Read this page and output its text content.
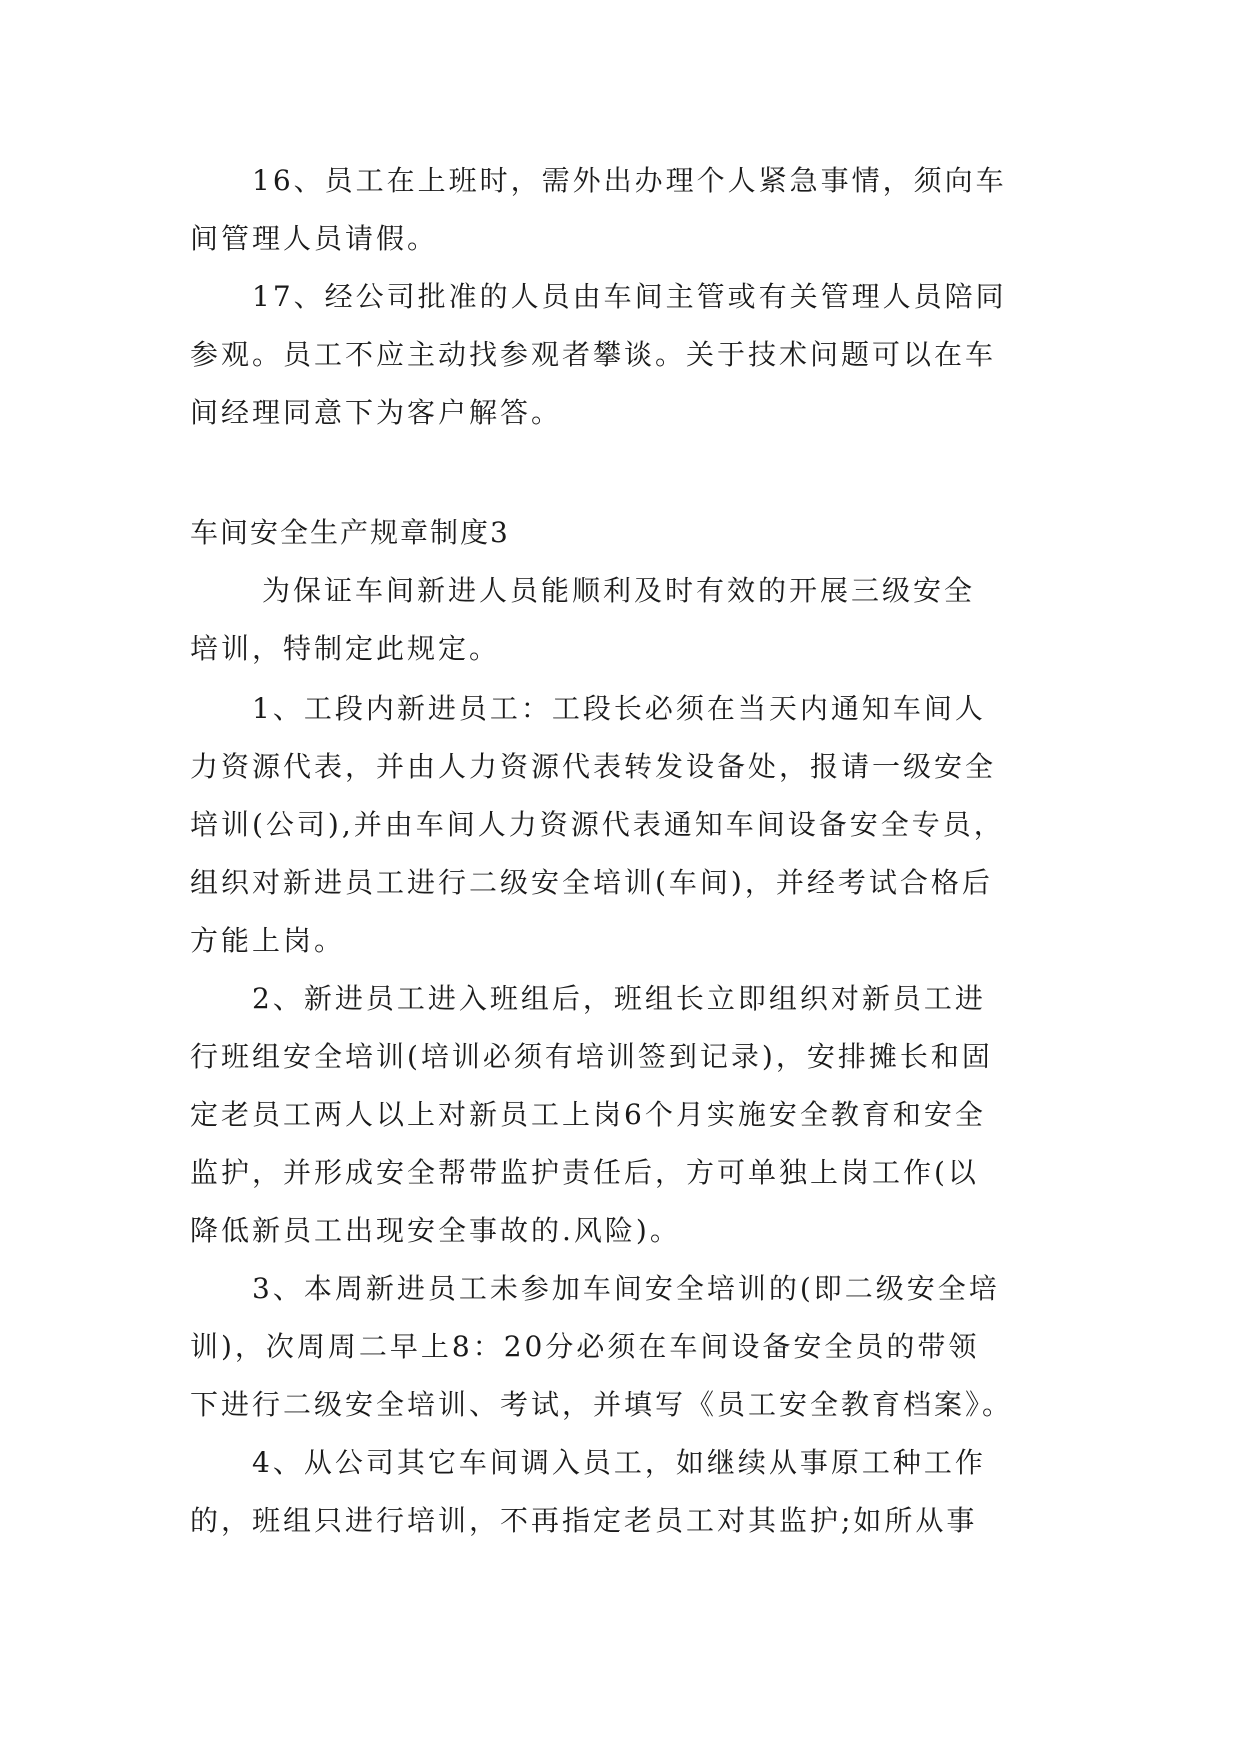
16、员工在上班时，需外出办理个人紧急事情，须向车
间管理人员请假。
17、经公司批准的人员由车间主管或有关管理人员陪同
参观。员工不应主动找参观者攀谈。关于技术问题可以在车
间经理同意下为客户解答。
车间安全生产规章制度3
为保证车间新进人员能顺利及时有效的开展三级安全
培训，特制定此规定。
1、工段内新进员工：工段长必须在当天内通知车间人
力资源代表，并由人力资源代表转发设备处，报请一级安全
培训(公司),并由车间人力资源代表通知车间设备安全专员，
组织对新进员工进行二级安全培训(车间)，并经考试合格后
方能上岗。
2、新进员工进入班组后，班组长立即组织对新员工进
行班组安全培训(培训必须有培训签到记录)，安排摊长和固
定老员工两人以上对新员工上岗6个月实施安全教育和安全
监护，并形成安全帮带监护责任后，方可单独上岗工作(以
降低新员工出现安全事故的.风险)。
3、本周新进员工未参加车间安全培训的(即二级安全培
训)，次周周二早上8：20分必须在车间设备安全员的带领
下进行二级安全培训、考试，并填写《员工安全教育档案》。
4、从公司其它车间调入员工，如继续从事原工种工作
的，班组只进行培训，不再指定老员工对其监护;如所从事
